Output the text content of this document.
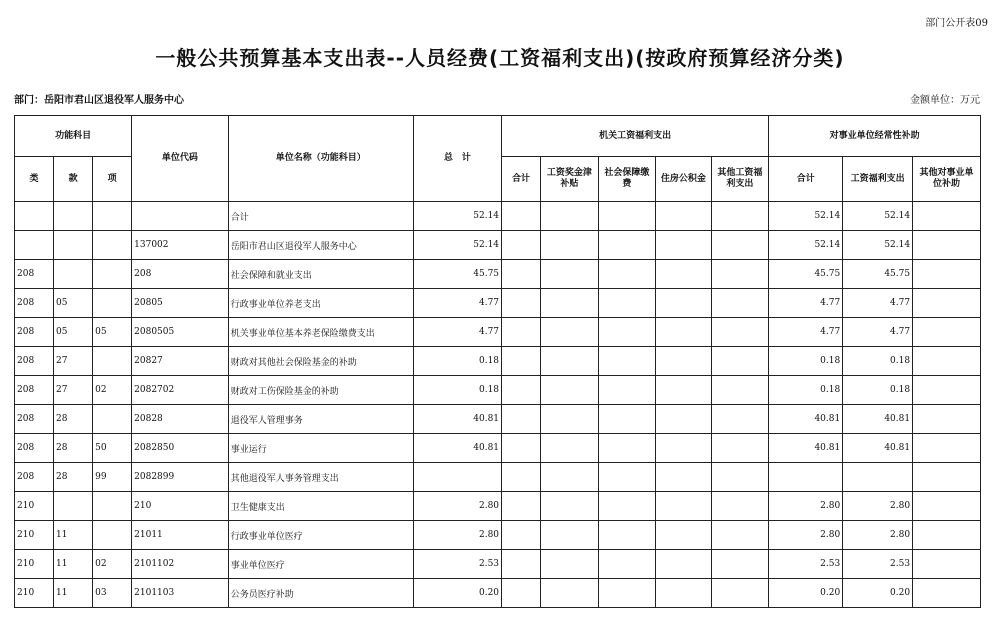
部门公开表09
一般公共预算基本支出表--人员经费(工资福利支出)(按政府预算经济分类)
部门：岳阳市君山区退役军人服务中心	金额单位：万元
功能科目			单位代码	单位名称（功能科目）	总　计	机关工资福利支出					对事业单位经常性补助		
类	款	项				合计	工资奖金津补贴	社会保障缴费	住房公积金	其他工资福利支出	合计	工资福利支出	其他对事业单位补助
				合计	52.14						52.14	52.14	
			137002	岳阳市君山区退役军人服务中心	52.14						52.14	52.14	
208			208	社会保障和就业支出	45.75						45.75	45.75	
208	05		20805	行政事业单位养老支出	4.77						4.77	4.77	
208	05	05	2080505	机关事业单位基本养老保险缴费支出	4.77						4.77	4.77	
208	27		20827	财政对其他社会保险基金的补助	0.18						0.18	0.18	
208	27	02	2082702	财政对工伤保险基金的补助	0.18						0.18	0.18	
208	28		20828	退役军人管理事务	40.81						40.81	40.81	
208	28	50	2082850	事业运行	40.81						40.81	40.81	
208	28	99	2082899	其他退役军人事务管理支出									
210			210	卫生健康支出	2.80						2.80	2.80	
210	11		21011	行政事业单位医疗	2.80						2.80	2.80	
210	11	02	2101102	事业单位医疗	2.53						2.53	2.53	
210	11	03	2101103	公务员医疗补助	0.20						0.20	0.20	
